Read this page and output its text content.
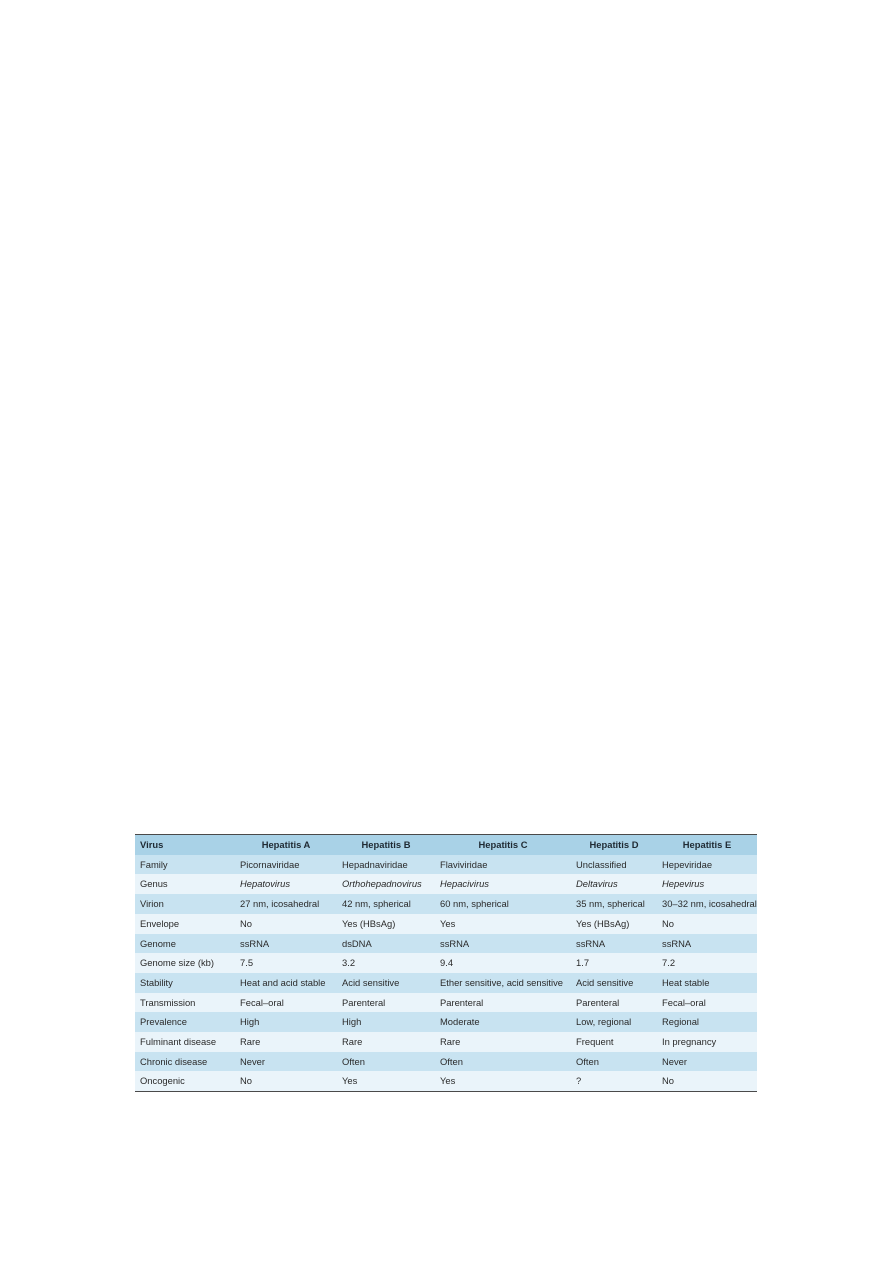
Virus	Hepatitis A	Hepatitis B	Hepatitis C	Hepatitis D	Hepatitis E
Family	Picornaviridae	Hepadnaviridae	Flaviviridae	Unclassified	Hepeviridae
Genus	Hepatovirus	Orthohepadnovirus	Hepacivirus	Deltavirus	Hepevirus
Virion	27 nm, icosahedral	42 nm, spherical	60 nm, spherical	35 nm, spherical	30–32 nm, icosahedral
Envelope	No	Yes (HBsAg)	Yes	Yes (HBsAg)	No
Genome	ssRNA	dsDNA	ssRNA	ssRNA	ssRNA
Genome size (kb)	7.5	3.2	9.4	1.7	7.2
Stability	Heat and acid stable	Acid sensitive	Ether sensitive, acid sensitive	Acid sensitive	Heat stable
Transmission	Fecal–oral	Parenteral	Parenteral	Parenteral	Fecal–oral
Prevalence	High	High	Moderate	Low, regional	Regional
Fulminant disease	Rare	Rare	Rare	Frequent	In pregnancy
Chronic disease	Never	Often	Often	Often	Never
Oncogenic	No	Yes	Yes	?	No
